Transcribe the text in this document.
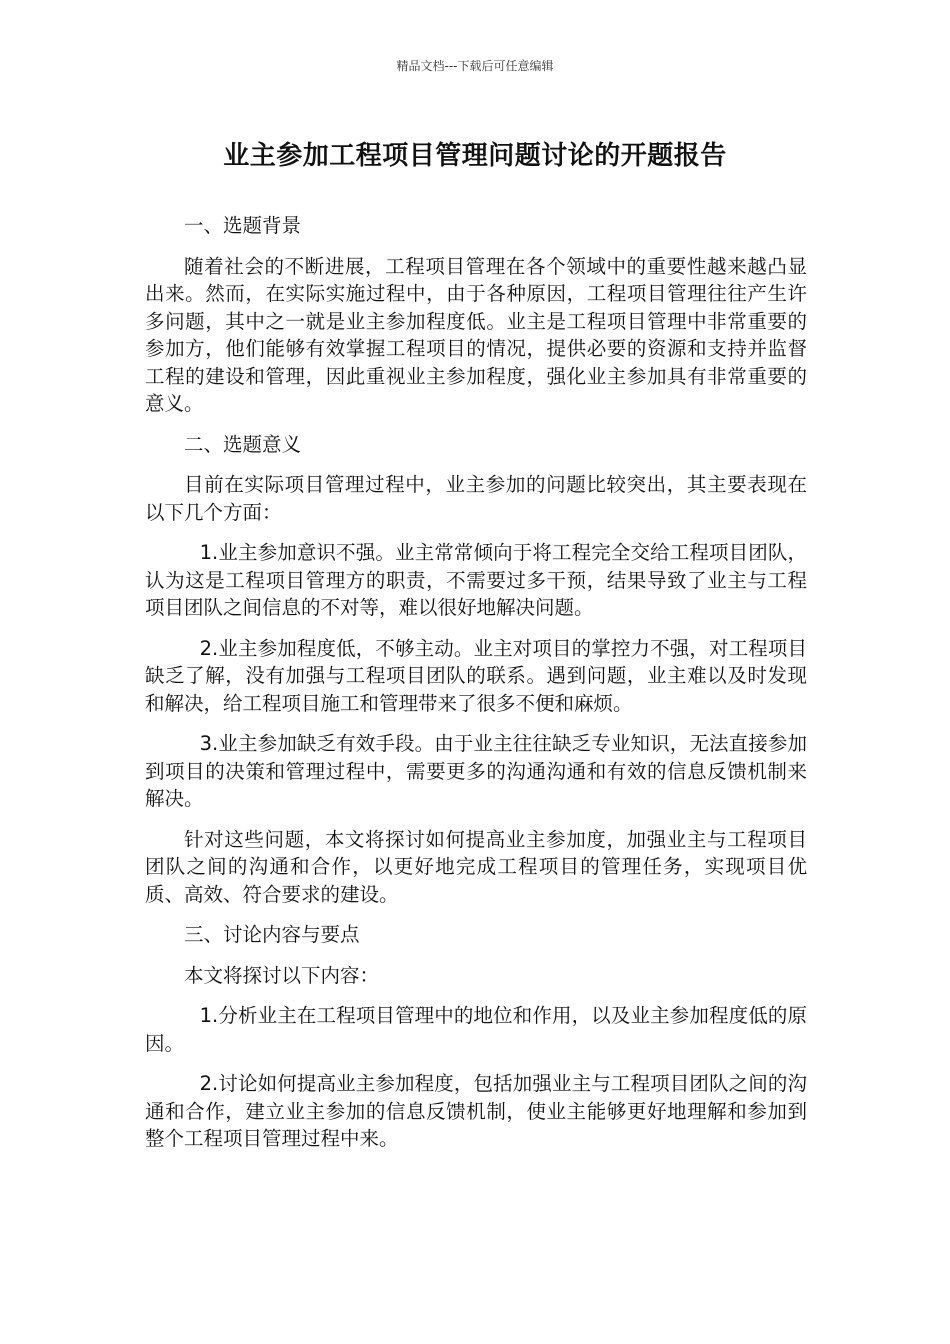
精品文档---下载后可任意编辑
业主参加工程项目管理问题讨论的开题报告

一、选题背景

随着社会的不断进展，工程项目管理在各个领域中的重要性越来越凸显出来。然而，在实际实施过程中，由于各种原因，工程项目管理往往产生许多问题，其中之一就是业主参加程度低。业主是工程项目管理中非常重要的参加方，他们能够有效掌握工程项目的情况，提供必要的资源和支持并监督工程的建设和管理，因此重视业主参加程度，强化业主参加具有非常重要的意义。

二、选题意义

目前在实际项目管理过程中，业主参加的问题比较突出，其主要表现在以下几个方面：

1.业主参加意识不强。业主常常倾向于将工程完全交给工程项目团队，认为这是工程项目管理方的职责，不需要过多干预，结果导致了业主与工程项目团队之间信息的不对等，难以很好地解决问题。

2.业主参加程度低，不够主动。业主对项目的掌控力不强，对工程项目缺乏了解，没有加强与工程项目团队的联系。遇到问题，业主难以及时发现和解决，给工程项目施工和管理带来了很多不便和麻烦。

3.业主参加缺乏有效手段。由于业主往往缺乏专业知识，无法直接参加到项目的决策和管理过程中，需要更多的沟通沟通和有效的信息反馈机制来解决。

针对这些问题，本文将探讨如何提高业主参加度，加强业主与工程项目团队之间的沟通和合作，以更好地完成工程项目的管理任务，实现项目优质、高效、符合要求的建设。

三、讨论内容与要点

本文将探讨以下内容：

1.分析业主在工程项目管理中的地位和作用，以及业主参加程度低的原因。

2.讨论如何提高业主参加程度，包括加强业主与工程项目团队之间的沟通和合作，建立业主参加的信息反馈机制，使业主能够更好地理解和参加到整个工程项目管理过程中来。
